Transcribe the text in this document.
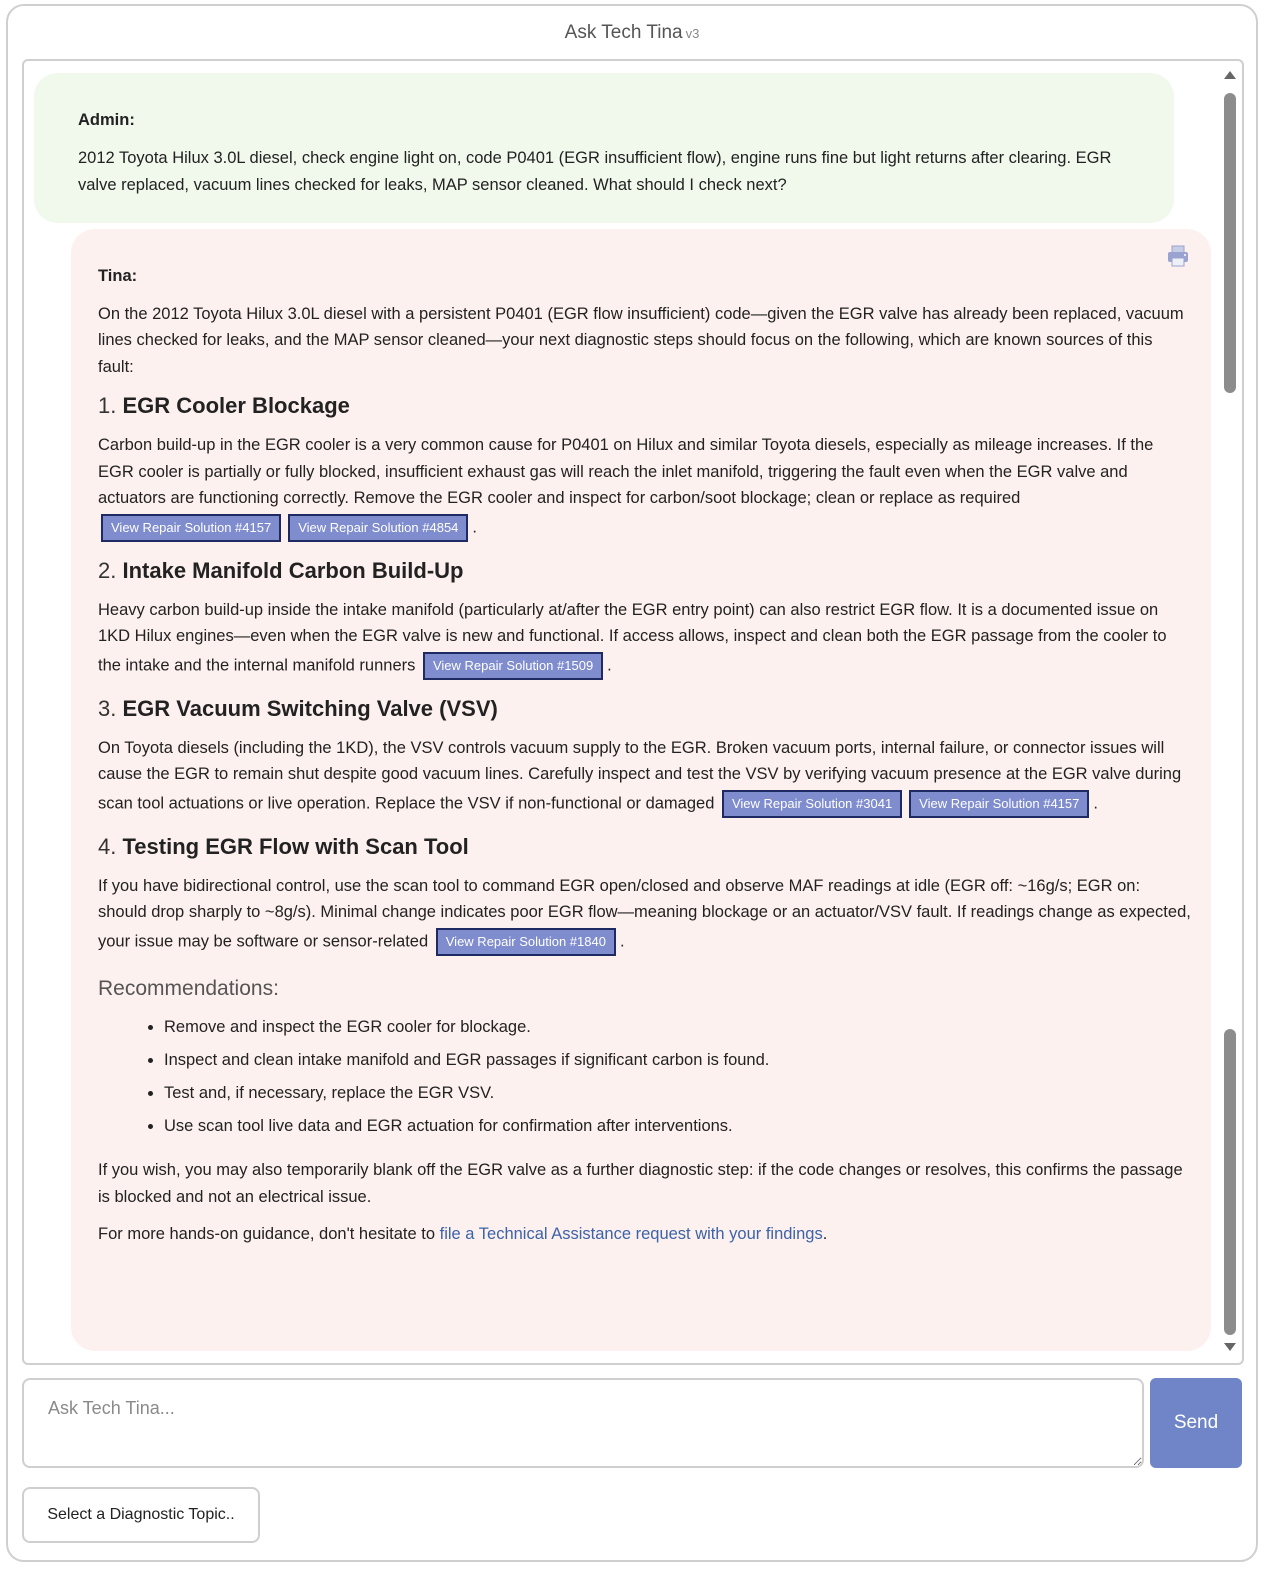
Ask Tech Tina v3
Admin:
2012 Toyota Hilux 3.0L diesel, check engine light on, code P0401 (EGR insufficient flow), engine runs fine but light returns after clearing. EGR valve replaced, vacuum lines checked for leaks, MAP sensor cleaned. What should I check next?
Tina:

On the 2012 Toyota Hilux 3.0L diesel with a persistent P0401 (EGR flow insufficient) code—given the EGR valve has already been replaced, vacuum lines checked for leaks, and the MAP sensor cleaned—your next diagnostic steps should focus on the following, which are known sources of this fault:

1. EGR Cooler Blockage
Carbon build-up in the EGR cooler is a very common cause for P0401 on Hilux and similar Toyota diesels, especially as mileage increases. If the EGR cooler is partially or fully blocked, insufficient exhaust gas will reach the inlet manifold, triggering the fault even when the EGR valve and actuators are functioning correctly. Remove the EGR cooler and inspect for carbon/soot blockage; clean or replace as required View Repair Solution #4157 View Repair Solution #4854 .
2. Intake Manifold Carbon Build-Up
Heavy carbon build-up inside the intake manifold (particularly at/after the EGR entry point) can also restrict EGR flow. It is a documented issue on 1KD Hilux engines—even when the EGR valve is new and functional. If access allows, inspect and clean both the EGR passage from the cooler to the intake and the internal manifold runners View Repair Solution #1509 .
3. EGR Vacuum Switching Valve (VSV)
On Toyota diesels (including the 1KD), the VSV controls vacuum supply to the EGR. Broken vacuum ports, internal failure, or connector issues will cause the EGR to remain shut despite good vacuum lines. Carefully inspect and test the VSV by verifying vacuum presence at the EGR valve during scan tool actuations or live operation. Replace the VSV if non-functional or damaged View Repair Solution #3041 View Repair Solution #4157 .
4. Testing EGR Flow with Scan Tool
If you have bidirectional control, use the scan tool to command EGR open/closed and observe MAF readings at idle (EGR off: ~16g/s; EGR on: should drop sharply to ~8g/s). Minimal change indicates poor EGR flow—meaning blockage or an actuator/VSV fault. If readings change as expected, your issue may be software or sensor-related View Repair Solution #1840 .
Recommendations:
• Remove and inspect the EGR cooler for blockage.
• Inspect and clean intake manifold and EGR passages if significant carbon is found.
• Test and, if necessary, replace the EGR VSV.
• Use scan tool live data and EGR actuation for confirmation after interventions.

If you wish, you may also temporarily blank off the EGR valve as a further diagnostic step: if the code changes or resolves, this confirms the passage is blocked and not an electrical issue.

For more hands-on guidance, don't hesitate to file a Technical Assistance request with your findings.

Ask Tech Tina...
Send
Select a Diagnostic Topic..
